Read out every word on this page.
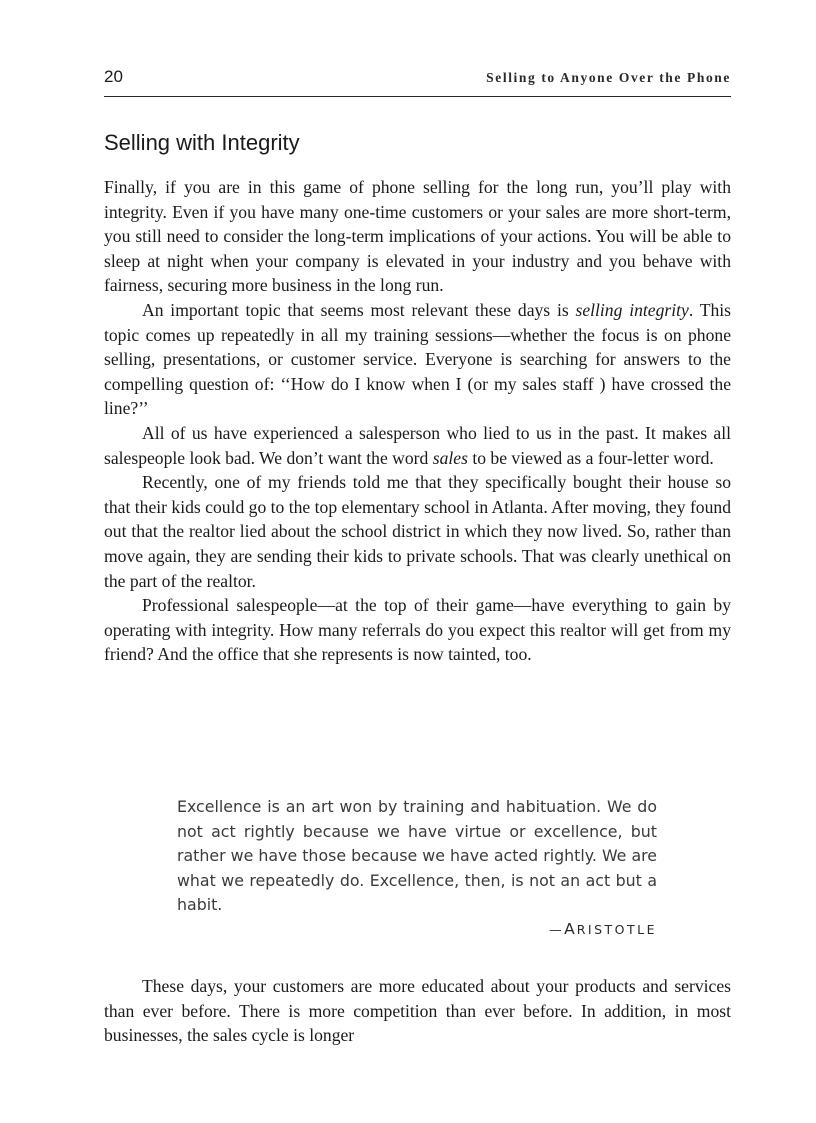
20	Selling to Anyone Over the Phone
Selling with Integrity

Finally, if you are in this game of phone selling for the long run, you’ll play with integrity. Even if you have many one-time customers or your sales are more short-term, you still need to consider the long-term implications of your actions. You will be able to sleep at night when your company is elevated in your industry and you behave with fairness, securing more business in the long run.

An important topic that seems most relevant these days is selling integrity. This topic comes up repeatedly in all my training sessions—whether the focus is on phone selling, presentations, or customer service. Everyone is searching for answers to the compelling question of: ‘‘How do I know when I (or my sales staff ) have crossed the line?’’

All of us have experienced a salesperson who lied to us in the past. It makes all salespeople look bad. We don’t want the word sales to be viewed as a four-letter word.

Recently, one of my friends told me that they specifically bought their house so that their kids could go to the top elementary school in Atlanta. After moving, they found out that the realtor lied about the school district in which they now lived. So, rather than move again, they are sending their kids to private schools. That was clearly unethical on the part of the realtor.

Professional salespeople—at the top of their game—have everything to gain by operating with integrity. How many referrals do you expect this realtor will get from my friend? And the office that she represents is now tainted, too.

Excellence is an art won by training and habituation. We do not act rightly because we have virtue or excellence, but rather we have those because we have acted rightly. We are what we repeatedly do. Excellence, then, is not an act but a habit.

—ARISTOTLE

These days, your customers are more educated about your products and services than ever before. There is more competition than ever before. In addition, in most businesses, the sales cycle is longer
